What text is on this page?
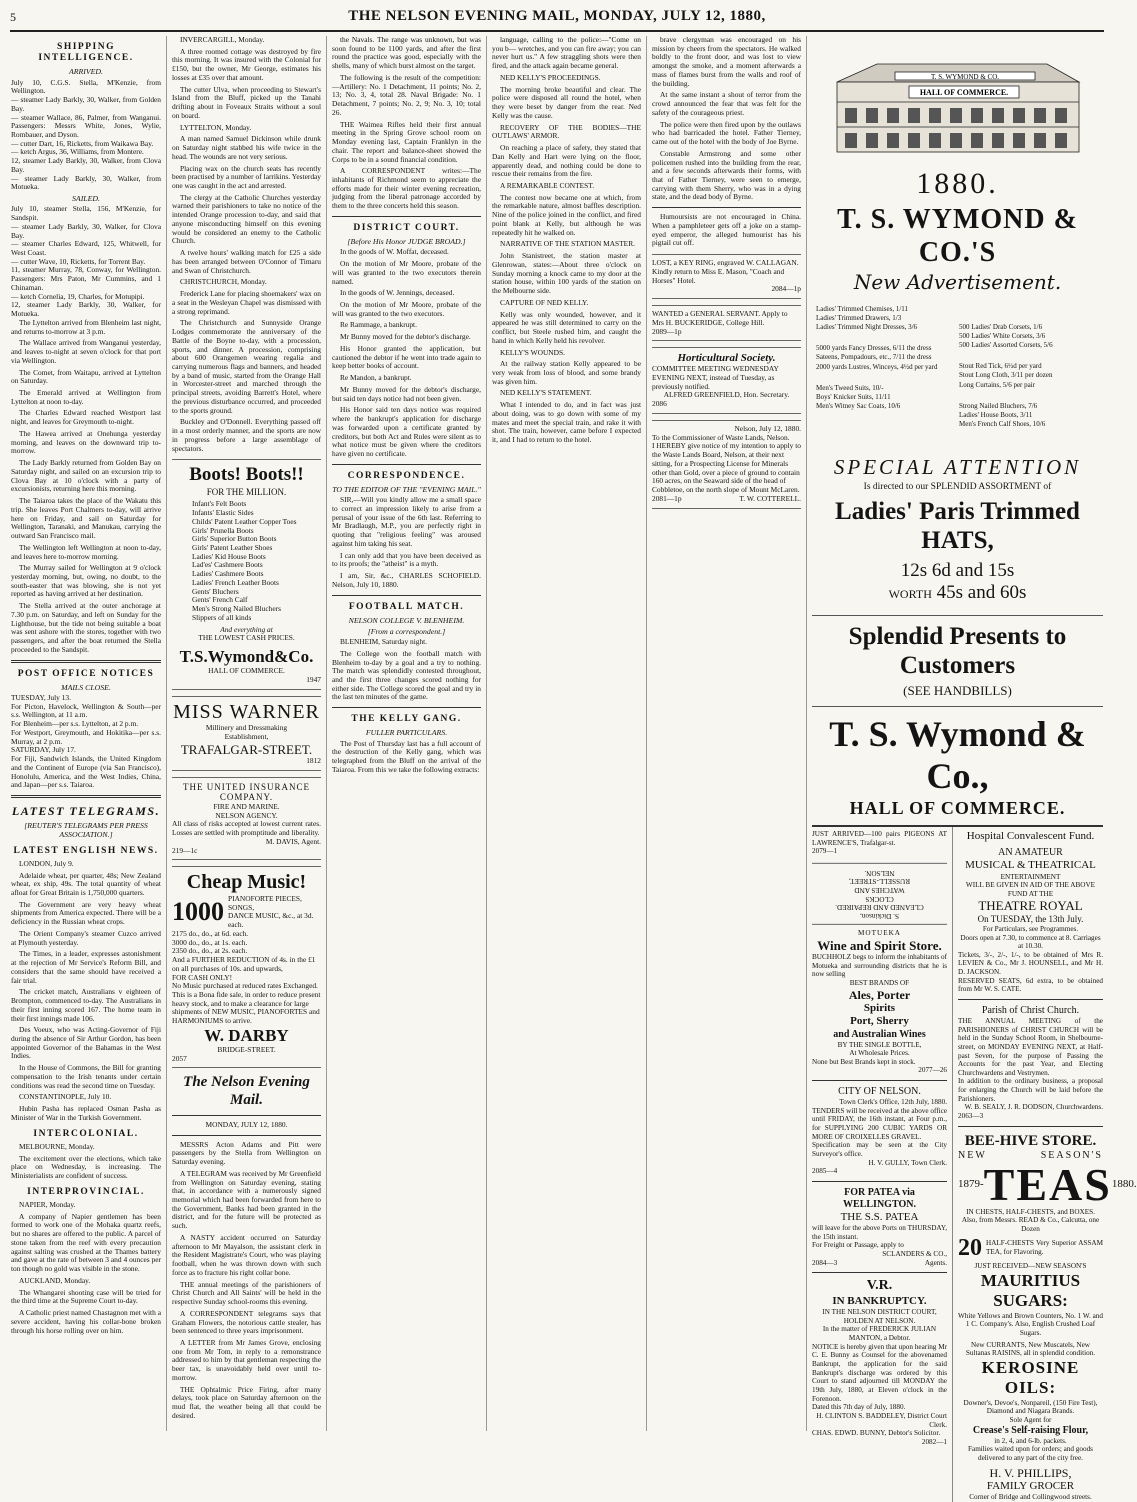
5	THE NELSON EVENING MAIL, MONDAY, JULY 12, 1880,
SHIPPING INTELLIGENCE.
ARRIVED.
July 10, C.G.S. Stella, M'Kenzie, from Wellington.
— steamer Lady Barkly, 30, Walker, from Golden Bay.
— steamer Wallace, 86, Palmer, from Wanganui. Passengers: Messrs White, Jones, Wylie, Rombauer, and Dyson.
— cutter Dart, 16, Ricketts, from Waikawa Bay.
— ketch Argus, 36, Williams, from Montere.
12, steamer Lady Barkly, 30, Walker, from Clova Bay.
— steamer Lady Barkly, 30, Walker, from Motueka.
SAILED.
July 10, steamer Stella, 156, M'Kenzie, for Sandspit.
— steamer Lady Barkly, 30, Walker, for Clova Bay.
— steamer Charles Edward, 125, Whitwell, for West Coast.
— cutter Wave, 10, Ricketts, for Torrent Bay.
11, steamer Murray, 78, Conway, for Wellington. Passengers: Mrs Paton, Mr Cummins, and 1 Chinaman.
— ketch Cornelia, 19, Charles, for Motupipi.
12, steamer Lady Barkly, 30, Walker, for Motueka.

The Lyttelton arrived from Blenheim last night, and returns to-morrow at 3 p.m.

The Wallace arrived from Wanganui yesterday, and leaves to-night at seven o'clock for that port via Wellington.

The Comet, from Waitapu, arrived at Lyttelton on Saturday.

The Emerald arrived at Wellington from Lyttelton at noon to-day.

The Charles Edward reached Westport last night, and leaves for Greymouth to-night.

The Hawea arrived at Onehunga yesterday morning, and leaves on the downward trip to-morrow.

The Lady Barkly returned from Golden Bay on Saturday night, and sailed on an excursion trip to Clova Bay at 10 o'clock with a party of excursionists, returning here this morning.

The Taiaroa takes the place of the Wakatu this trip. She leaves Port Chalmers to-day, will arrive here on Friday, and sail on Saturday for Wellington, Taranaki, and Manukau, carrying the outward San Francisco mail.

The Wellington left Wellington at noon to-day, and leaves here to-morrow morning.

The Murray sailed for Wellington at 9 o'clock yesterday morning, but, owing, no doubt, to the south-easter that was blowing, she is not yet reported as having arrived at her destination.

The Stella arrived at the outer anchorage at 7.30 p.m. on Saturday, and left on Sunday for the Lighthouse, but the tide not being suitable a boat was sent ashore with the stores, together with two passengers, and after the boat returned the Stella proceeded to the Sandspit.

POST OFFICE NOTICES
MAILS CLOSE.
TUESDAY, July 13.
For Picton, Havelock, Wellington & South—per s.s. Wellington, at 11 a.m.
For Blenheim—per s.s. Lyttelton, at 2 p.m.
For Westport, Greymouth, and Hokitika—per s.s. Murray, at 2 p.m.
SATURDAY, July 17.
For Fiji, Sandwich Islands, the United Kingdom and the Continent of Europe (via San Francisco), Honolulu, America, and the West Indies, China, and Japan—per s.s. Taiaroa.
LATEST TELEGRAMS.
[REUTER'S TELEGRAMS PER PRESS ASSOCIATION.]
LATEST ENGLISH NEWS.

LONDON, July 9.

Adelaide wheat, per quarter, 48s; New Zealand wheat, ex ship, 49s. The total quantity of wheat afloat for Great Britain is 1,750,000 quarters.

The Government are very heavy wheat shipments from America expected. There will be a deficiency in the Russian wheat crops.

The Orient Company's steamer Cuzco arrived at Plymouth yesterday.

The Times, in a leader, expresses astonishment at the rejection of Mr Service's Reform Bill, and considers that the same should have received a fair trial.

The cricket match, Australians v eighteen of Brompton, commenced to-day. The Australians in their first inning scored 167. The home team in their first innings made 106.

Des Voeux, who was Acting-Governor of Fiji during the absence of Sir Arthur Gordon, has been appointed Governor of the Bahamas in the West Indies.

In the House of Commons, the Bill for granting compensation to the Irish tenants under certain conditions was read the second time on Tuesday.

CONSTANTINOPLE, July 10.

Hubin Pasha has replaced Osman Pasha as Minister of War in the Turkish Government.

INTERCOLONIAL.

MELBOURNE, Monday.

The excitement over the elections, which take place on Wednesday, is increasing. The Ministerialists are confident of success.

INTERPROVINCIAL.

NAPIER, Monday.

A company of Napier gentlemen has been formed to work one of the Mohaka quartz reefs, but no shares are offered to the public. A parcel of stone taken from the reef with every precaution against salting was crushed at the Thames battery and gave at the rate of between 3 and 4 ounces per ton though no gold was visible in the stone.

AUCKLAND, Monday.

The Whangarei shooting case will be tried for the third time at the Supreme Court to-day.

A Catholic priest named Chastagnon met with a severe accident, having his collar-bone broken through his horse rolling over on him.

INVERCARGILL, Monday.

A three roomed cottage was destroyed by fire this morning. It was insured with the Colonial for £150, but the owner, Mr George, estimates his losses at £35 over that amount.

The cutter Ulva, when proceeding to Stewart's Island from the Bluff, picked up the Tanahi drifting about in Foveaux Straits without a soul on board.

LYTTELTON, Monday.

A man named Samuel Dickinson while drunk on Saturday night stabbed his wife twice in the head. The wounds are not very serious.

Placing wax on the church seats has recently been practised by a number of larrikins. Yesterday one was caught in the act and arrested.

The clergy at the Catholic Churches yesterday warned their parishioners to take no notice of the intended Orange procession to-day, and said that anyone misconducting himself on this evening would be considered an enemy to the Catholic Church.

A twelve hours' walking match for £25 a side has been arranged between O'Connor of Timaru and Swan of Christchurch.

CHRISTCHURCH, Monday.

Frederick Lane for placing shoemakers' wax on a seat in the Wesleyan Chapel was dismissed with a strong reprimand.

The Christchurch and Sunnyside Orange Lodges commemorate the anniversary of the Battle of the Boyne to-day, with a procession, sports, and dinner. A procession, comprising about 600 Orangemen wearing regalia and carrying numerous flags and banners, and headed by a band of music, started from the Orange Hall in Worcester-street and marched through the principal streets, avoiding Barrett's Hotel, where the previous disturbance occurred, and proceeded to the sports ground.

Buckley and O'Donnell. Everything passed off in a most orderly manner, and the sports are now in progress before a large assemblage of spectators.

Boots! Boots!!
FOR THE MILLION.
Infant's Felt Boots
Infants' Elastic Sides
Childs' Patent Leather Copper Toes
Girls' Prunella Boots
Girls' Superior Button Boots
Girls' Patent Leather Shoes
Ladies' Kid House Boots
Lad'es' Cashmere Boots
Ladies' Cashmere Boots
Ladies' French Leather Boots
Gents' Bluchers
Gents' French Calf
Men's Strong Nailed Bluchers
Slippers of all kinds
And everything at
THE LOWEST CASH PRICES.
T.S.Wymond&Co.
HALL OF COMMERCE.
1947
MISS WARNER
Millinery and Dressmaking
Establishment,
TRAFALGAR-STREET.
1812
THE UNITED INSURANCE COMPANY.
FIRE AND MARINE.
NELSON AGENCY.
All class of risks accepted at lowest current rates. Losses are settled with promptitude and liberality.
M. DAVIS, Agent.
219—1c
Cheap Music!
1000 PIANOFORTE PIECES, SONGS,
DANCE MUSIC, &c., at 3d. each.
2175 do., do., at 6d. each.
3000 do., do., at 1s. each.
2350 do., do., at 2s. each.
And a FURTHER REDUCTION of 4s. in the £1 on all purchases of 10s. and upwards,
FOR CASH ONLY!
No Music purchased at reduced rates Exchanged.
This is a Bona fide sale, in order to reduce present heavy stock, and to make a clearance for large shipments of NEW MUSIC, PIANOFORTES and HARMONIUMS to arrive.
W. DARBY
BRIDGE-STREET.
2057
The Nelson Evening Mail.
MONDAY, JULY 12, 1880.

MESSRS Acton Adams and Pitt were passengers by the Stella from Wellington on Saturday evening.

A TELEGRAM was received by Mr Greenfield from Wellington on Saturday evening, stating that, in accordance with a numerously signed memorial which had been forwarded from here to the Government, Banks had been granted in the district, and for the future will be protected as such.

A NASTY accident occurred on Saturday afternoon to Mr Mayalson, the assistant clerk in the Resident Magistrate's Court, who was playing football, when he was thrown down with such force as to fracture his right collar bone.

THE annual meetings of the parishioners of Christ Church and All Saints' will be held in the respective Sunday school-rooms this evening.

A CORRESPONDENT telegrams says that Graham Flowers, the notorious cattle stealer, has been sentenced to three years imprisonment.

A LETTER from Mr James Grove, enclosing one from Mr Tom, in reply to a remonstrance addressed to him by that gentleman respecting the beer tax, is unavoidably held over until to-morrow.

THE Ophtalmic Price Firing, after many delays, took place on Saturday afternoon on the mud flat, the weather being all that could be desired.

the Navals. The range was unknown, but was soon found to be 1100 yards, and after the first round the practice was good, especially with the shells, many of which burst almost on the target.

The following is the result of the competition:—Artillery: No. 1 Detachment, 11 points; No. 2, 13; No. 3, 4, total 28. Naval Brigade: No. 1 Detachment, 7 points; No. 2, 9; No. 3, 10; total 26.

THE Waimea Rifles held their first annual meeting in the Spring Grove school room on Monday evening last, Captain Franklyn in the chair. The report and balance-sheet showed the Corps to be in a sound financial condition.

A CORRESPONDENT writes:—The inhabitants of Richmond seem to appreciate the efforts made for their winter evening recreation, judging from the liberal patronage accorded by them to the three concerts held this season.

DISTRICT COURT.
[Before His Honor JUDGE BROAD.]

In the goods of W. Moffat, deceased.

On the motion of Mr Moore, probate of the will was granted to the two executors therein named.

In the goods of W. Jennings, deceased.

On the motion of Mr Moore, probate of the will was granted to the two executors.

Re Rammage, a bankrupt.

Mr Bunny moved for the debtor's discharge.

His Honor granted the application, but cautioned the debtor if he went into trade again to keep better books of account.

Re Mandon, a bankrupt.

Mr Bunny moved for the debtor's discharge, but said ten days notice had not been given.

His Honor said ten days notice was required where the bankrupt's application for discharge was forwarded upon a certificate granted by creditors, but both Act and Rules were silent as to what notice must be given where the creditors have given no certificate.

CORRESPONDENCE.
TO THE EDITOR OF THE "EVENING MAIL."

SIR,—Will you kindly allow me a small space to correct an impression likely to arise from a perusal of your issue of the 6th last. Referring to Mr Bradlaugh, M.P., you are perfectly right in quoting that "religious feeling" was aroused against him taking his seat.

I can only add that you have been deceived as to its proofs; the "atheist" is a myth.

I am, Sir, &c., CHARLES SCHOFIELD. Nelson, July 10, 1880.

FOOTBALL MATCH.
NELSON COLLEGE V. BLENHEIM.
[From a correspondent.]

BLENHEIM, Saturday night.

The College won the football match with Blenheim to-day by a goal and a try to nothing. The match was splendidly contested throughout, and the first three changes scored nothing for either side. The College scored the goal and try in the last ten minutes of the game.

THE KELLY GANG.
FULLER PARTICULARS.

The Post of Thursday last has a full account of the destruction of the Kelly gang, which was telegraphed from the Bluff on the arrival of the Taiaroa. From this we take the following extracts:

language, calling to the police:—"Come on you b— wretches, and you can fire away; you can never hurt us." A few straggling shots were then fired, and the attack again became general.

NED KELLY'S PROCEEDINGS.

The morning broke beautiful and clear. The police were disposed all round the hotel, when they were beset by danger from the rear. Ned Kelly was the cause.

RECOVERY OF THE BODIES—THE OUTLAWS' ARMOR.

On reaching a place of safety, they stated that Dan Kelly and Hart were lying on the floor, apparently dead, and nothing could be done to rescue their remains from the fire.

A REMARKABLE CONTEST.

The contest now became one at which, from the remarkable nature, almost baffles description. Nine of the police joined in the conflict, and fired point blank at Kelly, but although he was repeatedly hit he walked on.

NARRATIVE OF THE STATION MASTER.

John Stanistreet, the station master at Glenrowan, states:—About three o'clock on Sunday morning a knock came to my door at the station house, within 100 yards of the station on the Melbourne side.

CAPTURE OF NED KELLY.

Kelly was only wounded, however, and it appeared he was still determined to carry on the conflict, but Steele rushed him, and caught the hand in which Kelly held his revolver.

KELLY'S WOUNDS.

At the railway station Kelly appeared to be very weak from loss of blood, and some brandy was given him.

NED KELLY'S STATEMENT.

What I intended to do, and in fact was just about doing, was to go down with some of my mates and meet the special train, and rake it with shot. The train, however, came before I expected it, and I had to return to the hotel.

brave clergyman was encouraged on his mission by cheers from the spectators. He walked boldly to the front door, and was lost to view amongst the smoke, and a moment afterwards a mass of flames burst from the walls and roof of the building.

At the same instant a shout of terror from the crowd announced the fear that was felt for the safety of the courageous priest.

The police were then fired upon by the outlaws who had barricaded the hotel. Father Tierney, came out of the hotel with the body of Joe Byrne.

Constable Armstrong and some other policemen rushed into the building from the rear, and a few seconds afterwards their forms, with that of Father Tierney, were seen to emerge, carrying with them Sherry, who was in a dying state, and the dead body of Byrne.

Humoursists are not encouraged in China. When a pamphleteer gets off a joke on a stamp-eyed emperor, the alleged humourist has his pigtail cut off.

LOST, a KEY RING, engraved W. CALLAGAN. Kindly return to Miss E. Mason, "Coach and Horses" Hotel.
2084—1p
WANTED a GENERAL SERVANT. Apply to Mrs H. BUCKERIDGE, College Hill.
2089—1p
Horticultural Society.
COMMITTEE MEETING WEDNESDAY EVENING NEXT, instead of Tuesday, as previously notified.
ALFRED GREENFIELD, Hon. Secretary.
2086
Nelson, July 12, 1880.
To the Commissioner of Waste Lands, Nelson.
I HEREBY give notice of my intention to apply to the Waste Lands Board, Nelson, at their next sitting, for a Prospecting License for Minerals other than Gold, over a piece of ground to contain 160 acres, on the Seaward side of the head of Cobbletoe, on the north slope of Mount McLaren.
2081—1p	T. W. COTTERELL.
T. S. WYMOND & CO.
HALL OF COMMERCE.
1880.
T. S. WYMOND & CO.'S
New Advertisement.
Ladies' Trimmed Chemises, 1/11
Ladies' Trimmed Drawers, 1/3
Ladies' Trimmed Night Dresses, 3/6
5000 yards Fancy Dresses, 6/11 the dress
Sateens, Pompadours, etc., 7/11 the dress
2000 yards Lustres, Winceys, 4½d per yard
Men's Tweed Suits, 10/-
Boys' Knicker Suits, 11/11
Men's Witney Sac Coats, 10/6
500 Ladies' Drab Corsets, 1/6
500 Ladies' White Corsets, 3/6
500 Ladies' Assorted Corsets, 5/6
Stout Red Tick, 6½d per yard
Stout Long Cloth, 3/11 per dozen
Long Curtains, 5/6 per pair
Strong Nailed Bluchers, 7/6
Ladies' House Boots, 3/11
Men's French Calf Shoes, 10/6
SPECIAL ATTENTION
Is directed to our SPLENDID ASSORTMENT of
Ladies' Paris Trimmed HATS,
12s 6d and 15s
WORTH 45s and 60s
Splendid Presents to Customers
(SEE HANDBILLS)
T. S. Wymond & Co.,
HALL OF COMMERCE.
JUST ARRIVED—100 pairs PIGEONS AT LAWRENCE'S, Trafalgar-st.
2079—1
S. Dickinson,
CLEANED AND REPAIRED.
CLOCKS
WATCHES AND
RUSSELL-STREET,
NELSON.
MOTUEKA
Wine and Spirit Store.
BUCHHOLZ begs to inform the inhabitants of Motueka and surrounding districts that he is now selling
BEST BRANDS OF
Ales, Porter
Spirits
Port, Sherry
and Australian Wines
BY THE SINGLE BOTTLE,
At Wholesale Prices.
None but Best Brands kept in stock.
2077—26
CITY OF NELSON.
Town Clerk's Office, 12th July, 1880.
TENDERS will be received at the above office until FRIDAY, the 16th instant, at Four p.m., for SUPPLYING 200 CUBIC YARDS OR MORE OF CROIXELLES GRAVEL.
Specification may be seen at the City Surveyor's office.
H. V. GULLY, Town Clerk.
2085—4
FOR PATEA via WELLINGTON.
THE S.S. PATEA
will leave for the above Ports on THURSDAY, the 15th instant.
For Freight or Passage, apply to
SCLANDERS & CO.,
2084—3	Agents.
V.R.
IN BANKRUPTCY.
IN THE NELSON DISTRICT COURT, HOLDEN AT NELSON.
In the matter of FREDERICK JULIAN MANTON, a Debtor.
NOTICE is hereby given that upon hearing Mr C. E. Bunny as Counsel for the abovenamed Bankrupt, the application for the said Bankrupt's discharge was ordered by this Court to stand adjourned till MONDAY the 19th July, 1880, at Eleven o'clock in the Forenoon.
Dated this 7th day of July, 1880.
H. CLINTON S. BADDELEY, District Court Clerk.
CHAS. EDWD. BUNNY, Debtor's Solicitor.
2082—1
Hospital Convalescent Fund.
AN AMATEUR
MUSICAL & THEATRICAL
ENTERTAINMENT
WILL BE GIVEN IN AID OF THE ABOVE FUND AT THE
THEATRE ROYAL
On TUESDAY, the 13th July.
For Particulars, see Programmes.
Doors open at 7.30, to commence at 8. Carriages at 10.30.
Tickets, 3/-, 2/-, 1/-, to be obtained of Mrs R. LEVIEN & Co., Mr J. HOUNSELL, and Mr H. D. JACKSON.
RESERVED SEATS, 6d extra, to be obtained from Mr W. S. CATE.
Parish of Christ Church.
THE ANNUAL MEETING of the PARISHIONERS of CHRIST CHURCH will be held in the Sunday School Room, in Shelbourne-street, on MONDAY EVENING NEXT, at Half-past Seven, for the purpose of Passing the Accounts for the past Year, and Electing Churchwardens and Vestrymen.
In addition to the ordinary business, a proposal for enlarging the Church will be laid before the Parishioners.
W. B. SEALY, J. R. DODSON, Churchwardens.
2063—3
BEE-HIVE STORE.
NEW	SEASON'S
1879- TEAS 1880.
IN CHESTS, HALF-CHESTS, and BOXES.
Also, from Messrs. READ & Co., Calcutta, one Dozen
20 HALF-CHESTS Very Superior ASSAM TEA, for Flavoring.
JUST RECEIVED—NEW SEASON'S
MAURITIUS SUGARS:
White Yellows and Brown Counters, No. 1 W. and 1 C. Company's. Also, English Crushed Loaf Sugars.
New CURRANTS, New Muscatels, New Sultanas RAISINS, all in splendid condition.
KEROSINE OILS:
Downer's, Devoe's, Nonpareil, (150 Fire Test), Diamond and Niagara Brands.
Sole Agent for
Crease's Self-raising Flour,
in 2, 4, and 6-lb. packets.
Families waited upon for orders; and goods delivered to any part of the city free.
H. V. PHILLIPS,
FAMILY GROCER
Corner of Bridge and Collingwood streets.
